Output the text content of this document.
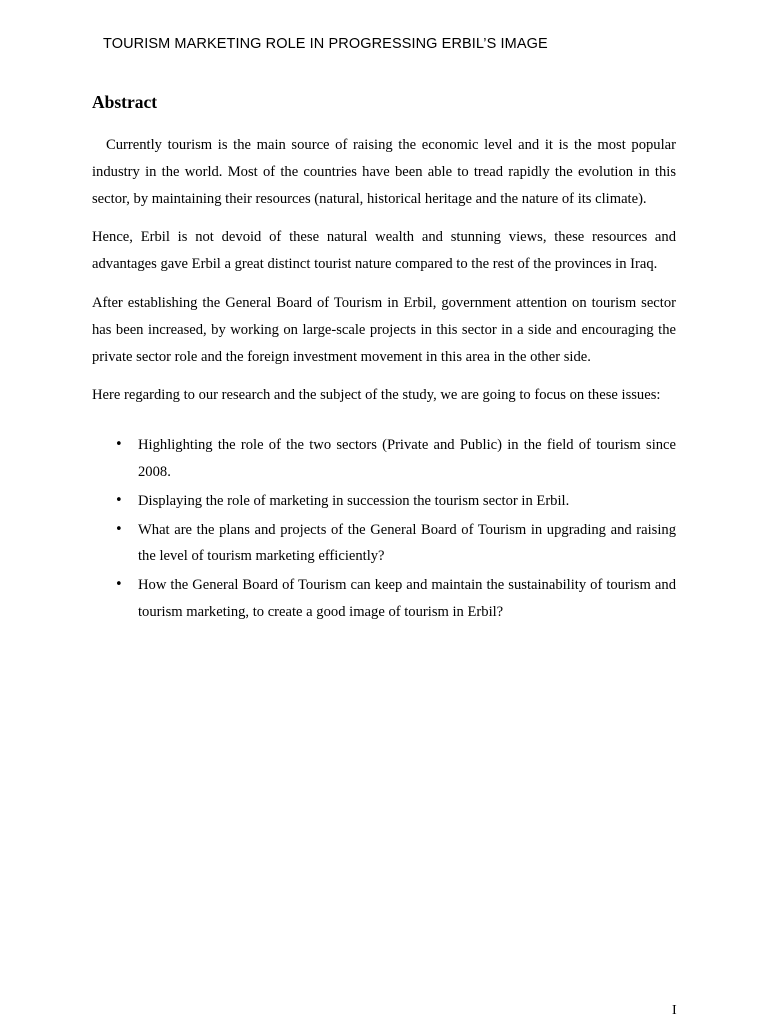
TOURISM MARKETING ROLE IN PROGRESSING ERBIL’S IMAGE
Abstract

Currently tourism is the main source of raising the economic level and it is the most popular industry in the world. Most of the countries have been able to tread rapidly the evolution in this sector, by maintaining their resources (natural, historical heritage and the nature of its climate).

Hence, Erbil is not devoid of these natural wealth and stunning views, these resources and advantages gave Erbil a great distinct tourist nature compared to the rest of the provinces in Iraq.

After establishing the General Board of Tourism in Erbil, government attention on tourism sector has been increased, by working on large-scale projects in this sector in a side and encouraging the private sector role and the foreign investment movement in this area in the other side.

Here regarding to our research and the subject of the study, we are going to focus on these issues:

• Highlighting the role of the two sectors (Private and Public) in the field of tourism since 2008.
• Displaying the role of marketing in succession the tourism sector in Erbil.
• What are the plans and projects of the General Board of Tourism in upgrading and raising the level of tourism marketing efficiently?
• How the General Board of Tourism can keep and maintain the sustainability of tourism and tourism marketing, to create a good image of tourism in Erbil?
I
